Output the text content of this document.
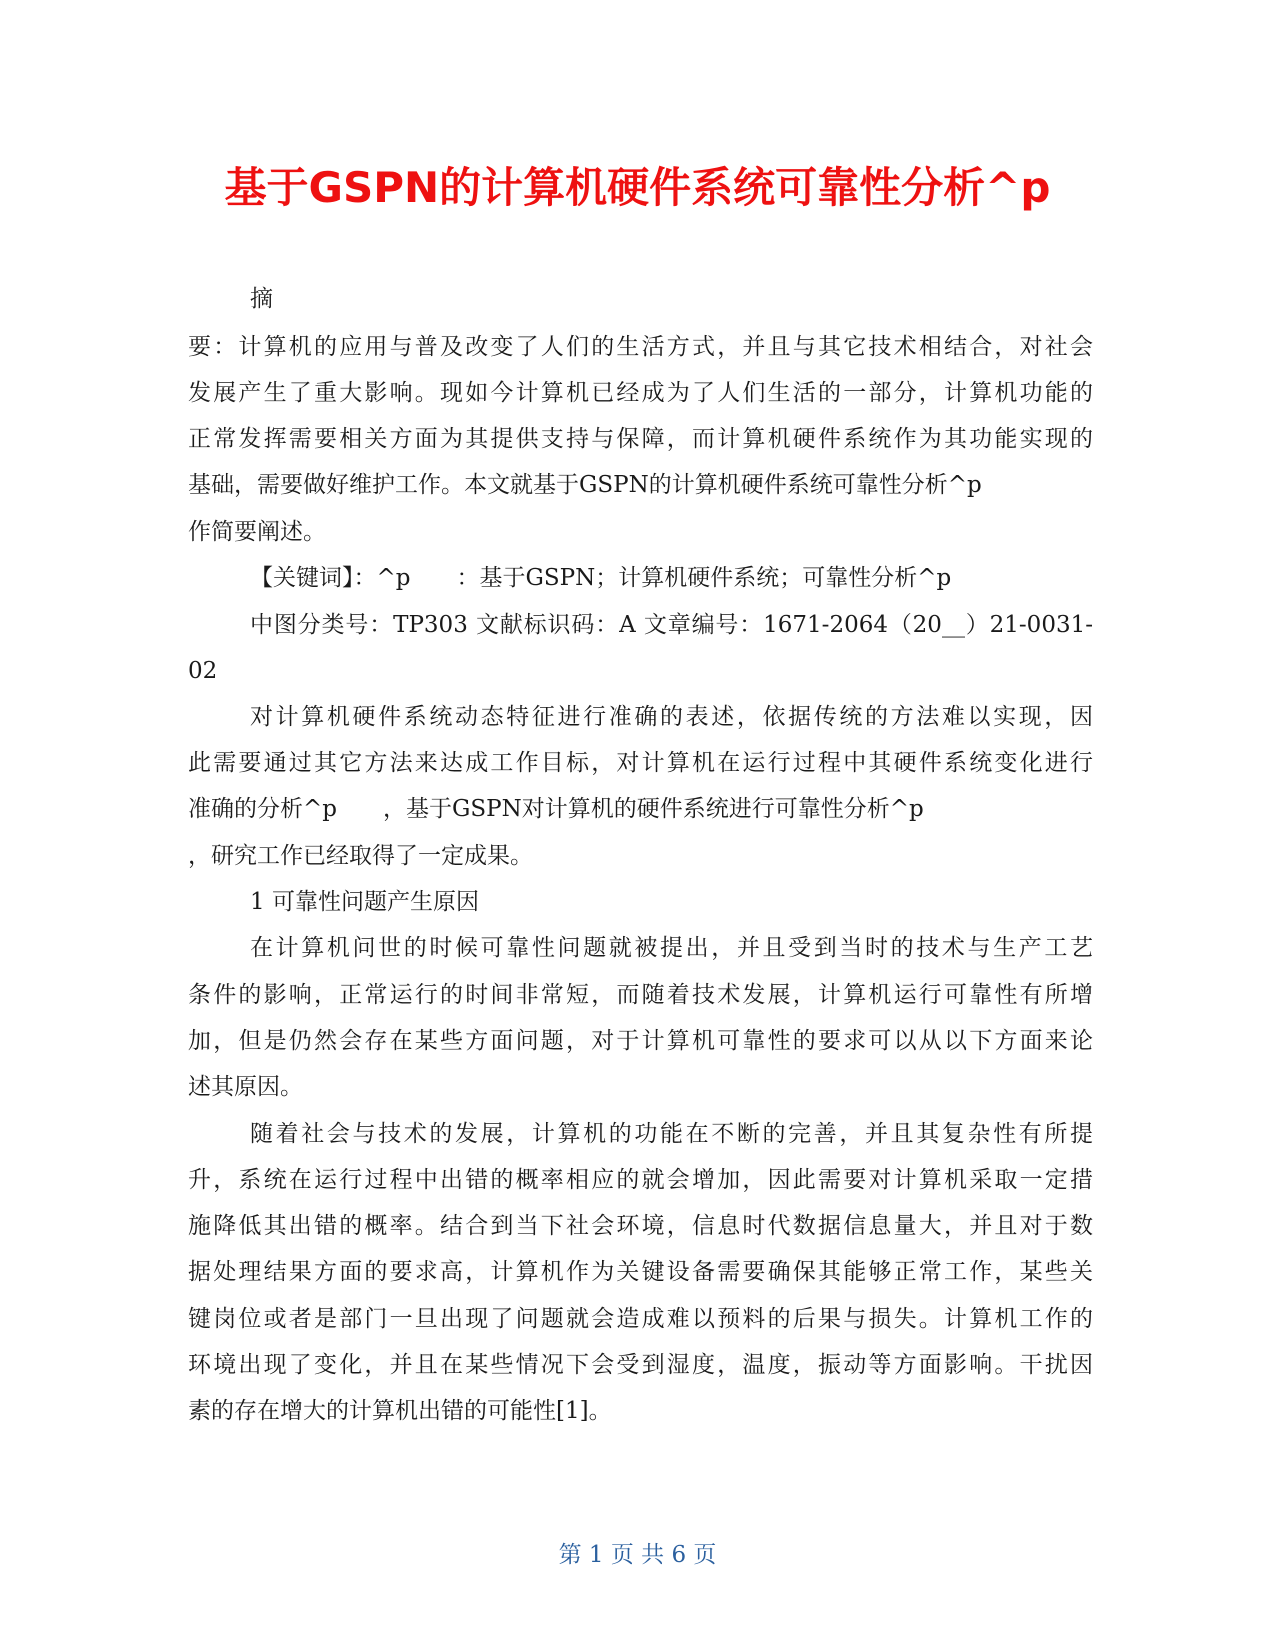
基于GSPN的计算机硬件系统可靠性分析^p
摘
要：计算机的应用与普及改变了人们的生活方式，并且与其它技术相结合，对社会
发展产生了重大影响。现如今计算机已经成为了人们生活的一部分，计算机功能的
正常发挥需要相关方面为其提供支持与保障，而计算机硬件系统作为其功能实现的
基础，需要做好维护工作。本文就基于GSPN的计算机硬件系统可靠性分析^p
作简要阐述。
【关键词】：^p　　：基于GSPN；计算机硬件系统；可靠性分析^p
中图分类号：TP303 文献标识码：A 文章编号：1671-2064（20__）21-0031-
02
对计算机硬件系统动态特征进行准确的表述，依据传统的方法难以实现，因
此需要通过其它方法来达成工作目标，对计算机在运行过程中其硬件系统变化进行
准确的分析^p　　，基于GSPN对计算机的硬件系统进行可靠性分析^p
，研究工作已经取得了一定成果。
1 可靠性问题产生原因
在计算机问世的时候可靠性问题就被提出，并且受到当时的技术与生产工艺
条件的影响，正常运行的时间非常短，而随着技术发展，计算机运行可靠性有所增
加，但是仍然会存在某些方面问题，对于计算机可靠性的要求可以从以下方面来论
述其原因。
随着社会与技术的发展，计算机的功能在不断的完善，并且其复杂性有所提
升，系统在运行过程中出错的概率相应的就会增加，因此需要对计算机采取一定措
施降低其出错的概率。结合到当下社会环境，信息时代数据信息量大，并且对于数
据处理结果方面的要求高，计算机作为关键设备需要确保其能够正常工作，某些关
键岗位或者是部门一旦出现了问题就会造成难以预料的后果与损失。计算机工作的
环境出现了变化，并且在某些情况下会受到湿度，温度，振动等方面影响。干扰因
素的存在增大的计算机出错的可能性[1]。
第 1 页 共 6 页
